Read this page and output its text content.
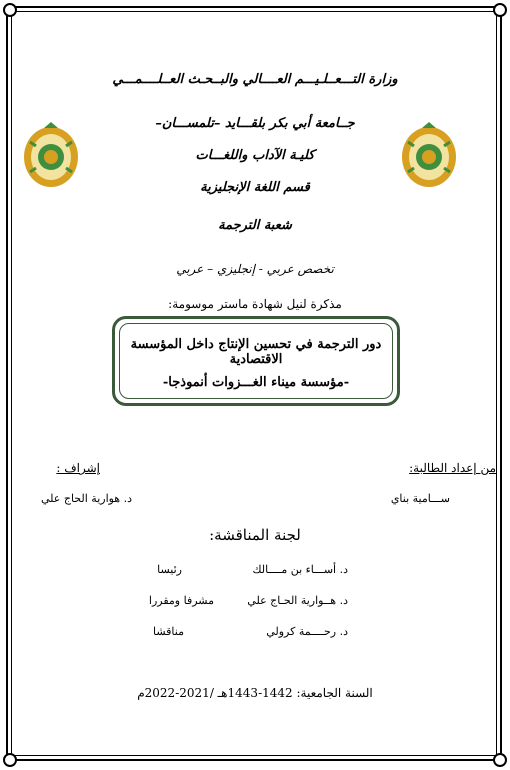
وزارة التـــعــلـيـــم العــــالي والبــحـث العــلــــمـــي
جــامعة أبي بكر بلقـــايد –تلمســـان–
كليـة الآداب واللغـــات
قسم اللغة الإنجليزية
شعبة الترجمة
تخصص عربي - إنجليزي – عربي
مذكرة لنيل شهادة ماستر موسومة:
دور الترجمة في تحسين الإنتاج داخل المؤسسة الاقتصادية
-مؤسسة ميناء الغـــزوات أنموذجا-
من إعداد الطالبة:
إشراف :
ســـامية بناي
د. هوارية الحاج علي
لجنة المناقشة:
د. أســـاء بن مــــالك
رئيسا
د. هــوارية الحـاج علي
مشرفا ومقررا
د. رحــــمة كرولي
مناقشا
السنة الجامعية: 1442-1443هـ /2021-2022م
